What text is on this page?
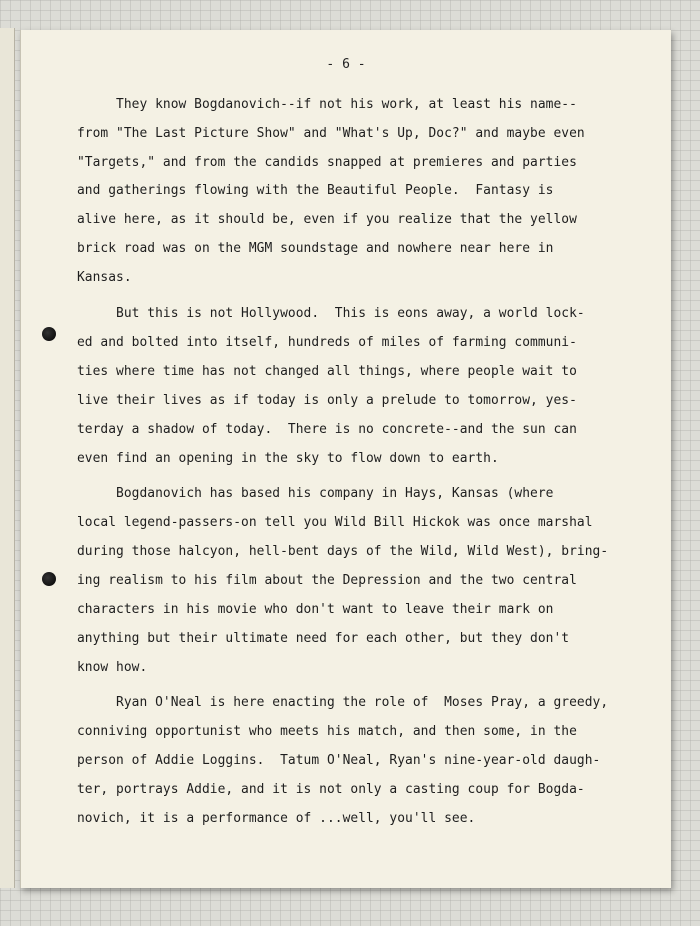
- 6 -
They know Bogdanovich--if not his work, at least his name--
from "The Last Picture Show" and "What's Up, Doc?" and maybe even
"Targets," and from the candids snapped at premieres and parties
and gatherings flowing with the Beautiful People.  Fantasy is
alive here, as it should be, even if you realize that the yellow
brick road was on the MGM soundstage and nowhere near here in
Kansas.
But this is not Hollywood.  This is eons away, a world lock-
ed and bolted into itself, hundreds of miles of farming communi-
ties where time has not changed all things, where people wait to
live their lives as if today is only a prelude to tomorrow, yes-
terday a shadow of today.  There is no concrete--and the sun can
even find an opening in the sky to flow down to earth.
Bogdanovich has based his company in Hays, Kansas (where
local legend-passers-on tell you Wild Bill Hickok was once marshal
during those halcyon, hell-bent days of the Wild, Wild West), bring-
ing realism to his film about the Depression and the two central
characters in his movie who don't want to leave their mark on
anything but their ultimate need for each other, but they don't
know how.
Ryan O'Neal is here enacting the role of  Moses Pray, a greedy,
conniving opportunist who meets his match, and then some, in the
person of Addie Loggins.  Tatum O'Neal, Ryan's nine-year-old daugh-
ter, portrays Addie, and it is not only a casting coup for Bogda-
novich, it is a performance of ...well, you'll see.
